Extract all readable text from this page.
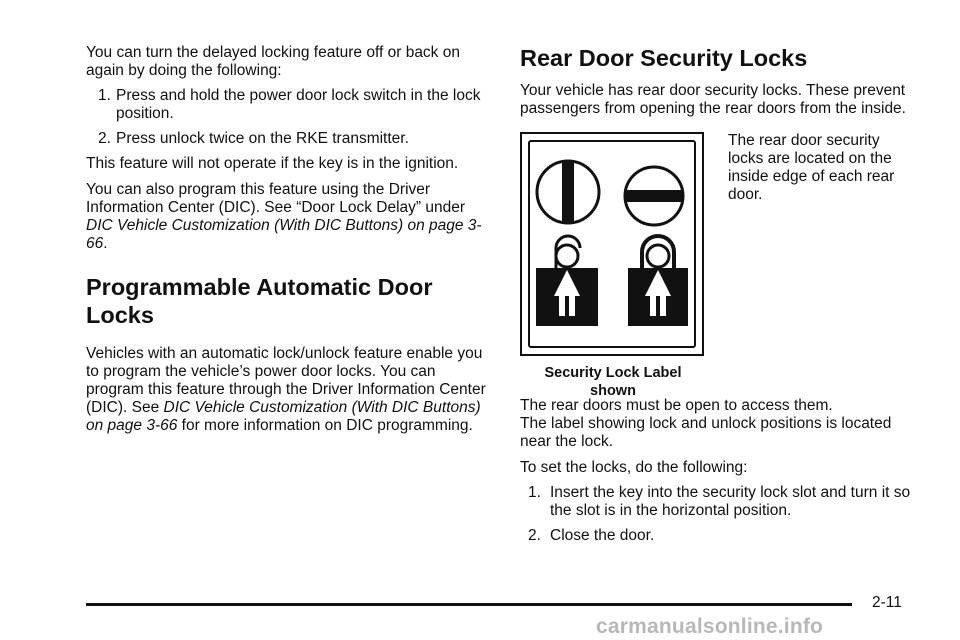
You can turn the delayed locking feature off or back on again by doing the following:

1. Press and hold the power door lock switch in the lock position.
2. Press unlock twice on the RKE transmitter.

This feature will not operate if the key is in the ignition.

You can also program this feature using the Driver Information Center (DIC). See “Door Lock Delay” under DIC Vehicle Customization (With DIC Buttons) on page 3-66.

Programmable Automatic Door
Locks

Vehicles with an automatic lock/unlock feature enable you to program the vehicle’s power door locks. You can program this feature through the Driver Information Center (DIC). See DIC Vehicle Customization (With DIC Buttons) on page 3-66 for more information on DIC programming.

Rear Door Security Locks

Your vehicle has rear door security locks. These prevent passengers from opening the rear doors from the inside.

Security Lock Label shown

The rear door security locks are located on the inside edge of each rear door.

The rear doors must be open to access them.

The label showing lock and unlock positions is located near the lock.

To set the locks, do the following:

1. Insert the key into the security lock slot and turn it so the slot is in the horizontal position.
2. Close the door.
2-11
carmanualsonline.info
